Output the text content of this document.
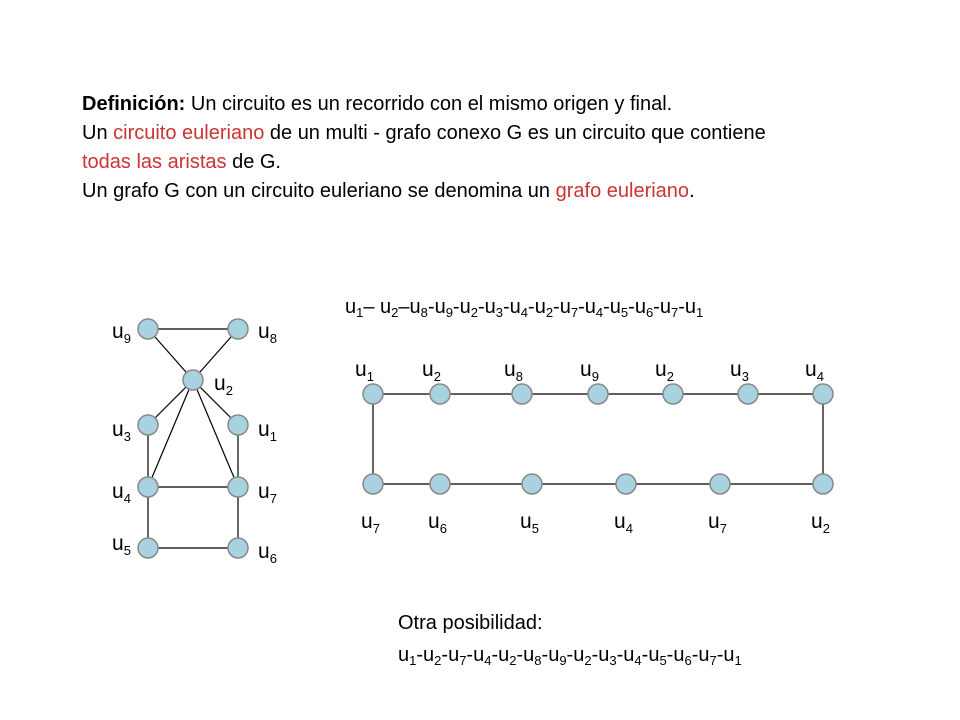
Definición: Un circuito es un recorrido con el mismo origen y final.

Un circuito euleriano de un multi - grafo conexo G es un circuito que contiene

todas las aristas de G.

Un grafo G con un circuito euleriano se denomina un grafo euleriano.

$u_9$	$u_8$
$u_2$
$u_3$	$u_1$
$u_4$	$u_7$
$u_5$	$u_6$
$u_1$ $u_2$	$u_8$	$u_9$	$u_2$	$u_3$	$u_4$
$u_7$ $u_6$	$u_5$	$u_4$	$u_7$	$u_2$
$u_1-$ $u_2-u_8-u_9-u_2-u_3-u_4-u_2-u_7-u_4-u_5-u_6-u_7-u_1$
Otra posibilidad:
$u_1-u_2-u_7-u_4-u_2-u_8-u_9-u_2-u_3-u_4-u_5-u_6-u_7-u_1$
